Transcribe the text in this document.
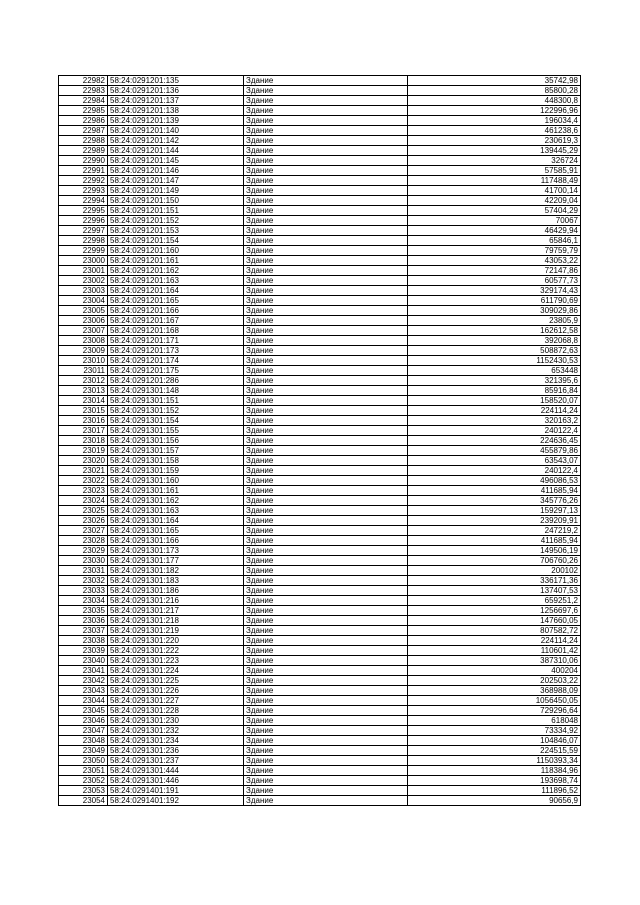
22982	58:24:0291201:135	Здание	35742,98
22983	58:24:0291201:136	Здание	85800,28
22984	58:24:0291201:137	Здание	448300,8
22985	58:24:0291201:138	Здание	122996,96
22986	58:24:0291201:139	Здание	196034,4
22987	58:24:0291201:140	Здание	461238,6
22988	58:24:0291201:142	Здание	230619,3
22989	58:24:0291201:144	Здание	139445,29
22990	58:24:0291201:145	Здание	326724
22991	58:24:0291201:146	Здание	57585,91
22992	58:24:0291201:147	Здание	117488,49
22993	58:24:0291201:149	Здание	41700,14
22994	58:24:0291201:150	Здание	42209,04
22995	58:24:0291201:151	Здание	57404,29
22996	58:24:0291201:152	Здание	70067
22997	58:24:0291201:153	Здание	46429,94
22998	58:24:0291201:154	Здание	65846,1
22999	58:24:0291201:160	Здание	79759,79
23000	58:24:0291201:161	Здание	43053,22
23001	58:24:0291201:162	Здание	72147,86
23002	58:24:0291201:163	Здание	60577,73
23003	58:24:0291201:164	Здание	329174,43
23004	58:24:0291201:165	Здание	611790,69
23005	58:24:0291201:166	Здание	309029,86
23006	58:24:0291201:167	Здание	23805,9
23007	58:24:0291201:168	Здание	162612,58
23008	58:24:0291201:171	Здание	392068,8
23009	58:24:0291201:173	Здание	508872,63
23010	58:24:0291201:174	Здание	1152430,53
23011	58:24:0291201:175	Здание	653448
23012	58:24:0291201:286	Здание	321395,6
23013	58:24:0291301:148	Здание	85916,84
23014	58:24:0291301:151	Здание	158520,07
23015	58:24:0291301:152	Здание	224114,24
23016	58:24:0291301:154	Здание	320163,2
23017	58:24:0291301:155	Здание	240122,4
23018	58:24:0291301:156	Здание	224636,45
23019	58:24:0291301:157	Здание	455879,86
23020	58:24:0291301:158	Здание	63543,07
23021	58:24:0291301:159	Здание	240122,4
23022	58:24:0291301:160	Здание	496086,53
23023	58:24:0291301:161	Здание	411685,94
23024	58:24:0291301:162	Здание	345776,26
23025	58:24:0291301:163	Здание	159297,13
23026	58:24:0291301:164	Здание	239209,91
23027	58:24:0291301:165	Здание	247219,2
23028	58:24:0291301:166	Здание	411685,94
23029	58:24:0291301:173	Здание	149506,19
23030	58:24:0291301:177	Здание	706760,26
23031	58:24:0291301:182	Здание	200102
23032	58:24:0291301:183	Здание	336171,36
23033	58:24:0291301:186	Здание	137407,53
23034	58:24:0291301:216	Здание	659251,2
23035	58:24:0291301:217	Здание	1256697,6
23036	58:24:0291301:218	Здание	147660,05
23037	58:24:0291301:219	Здание	807582,72
23038	58:24:0291301:220	Здание	224114,24
23039	58:24:0291301:222	Здание	110601,42
23040	58:24:0291301:223	Здание	387310,06
23041	58:24:0291301:224	Здание	400204
23042	58:24:0291301:225	Здание	202503,22
23043	58:24:0291301:226	Здание	368988,09
23044	58:24:0291301:227	Здание	1056450,05
23045	58:24:0291301:228	Здание	729296,64
23046	58:24:0291301:230	Здание	618048
23047	58:24:0291301:232	Здание	73334,92
23048	58:24:0291301:234	Здание	104846,07
23049	58:24:0291301:236	Здание	224515,59
23050	58:24:0291301:237	Здание	1150393,34
23051	58:24:0291301:444	Здание	118384,96
23052	58:24:0291301:446	Здание	193698,74
23053	58:24:0291401:191	Здание	111896,52
23054	58:24:0291401:192	Здание	90656,9
